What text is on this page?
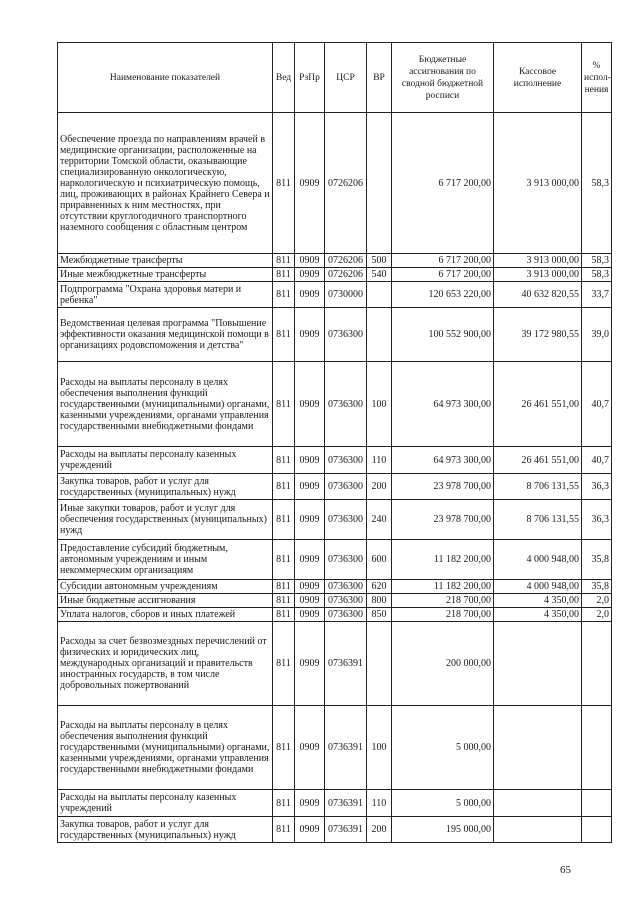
Наименование показателей	Вед	РзПр	ЦСР	ВР	Бюджетные ассигнования по сводной бюджетной росписи	Кассовое исполнение	% испол-нения
Обеспечение проезда по направлениям врачей в медицинские организации, расположенные на территории Томской области, оказывающие специализированную онкологическую, наркологическую и психиатрическую помощь, лиц, проживающих в районах Крайнего Севера и приравненных к ним местностях, при отсутствии круглогодичного транспортного наземного сообщения с областным центром	811	0909	0726206		6 717 200,00	3 913 000,00	58,3
Межбюджетные трансферты	811	0909	0726206	500	6 717 200,00	3 913 000,00	58,3
Иные межбюджетные трансферты	811	0909	0726206	540	6 717 200,00	3 913 000,00	58,3
Подпрограмма "Охрана здоровья матери и ребенка"	811	0909	0730000		120 653 220,00	40 632 820,55	33,7
Ведомственная целевая программа "Повышение эффективности оказания медицинской помощи в организациях родовспоможения и детства"	811	0909	0736300		100 552 900,00	39 172 980,55	39,0
Расходы на выплаты персоналу в целях обеспечения выполнения функций государственными (муниципальными) органами, казенными учреждениями, органами управления государственными внебюджетными фондами	811	0909	0736300	100	64 973 300,00	26 461 551,00	40,7
Расходы на выплаты персоналу казенных учреждений	811	0909	0736300	110	64 973 300,00	26 461 551,00	40,7
Закупка товаров, работ и услуг для государственных (муниципальных) нужд	811	0909	0736300	200	23 978 700,00	8 706 131,55	36,3
Иные закупки товаров, работ и услуг для обеспечения государственных (муниципальных) нужд	811	0909	0736300	240	23 978 700,00	8 706 131,55	36,3
Предоставление субсидий бюджетным, автономным учреждениям и иным некоммерческим организациям	811	0909	0736300	600	11 182 200,00	4 000 948,00	35,8
Субсидии автономным учреждениям	811	0909	0736300	620	11 182 200,00	4 000 948,00	35,8
Иные бюджетные ассигнования	811	0909	0736300	800	218 700,00	4 350,00	2,0
Уплата налогов, сборов и иных платежей	811	0909	0736300	850	218 700,00	4 350,00	2,0
Расходы за счет безвозмездных перечислений от физических и юридических лиц, международных организаций и правительств иностранных государств, в том числе добровольных пожертвований	811	0909	0736391		200 000,00		
Расходы на выплаты персоналу в целях обеспечения выполнения функций государственными (муниципальными) органами, казенными учреждениями, органами управления государственными внебюджетными фондами	811	0909	0736391	100	5 000,00		
Расходы на выплаты персоналу казенных учреждений	811	0909	0736391	110	5 000,00		
Закупка товаров, работ и услуг для государственных (муниципальных) нужд	811	0909	0736391	200	195 000,00		
65
